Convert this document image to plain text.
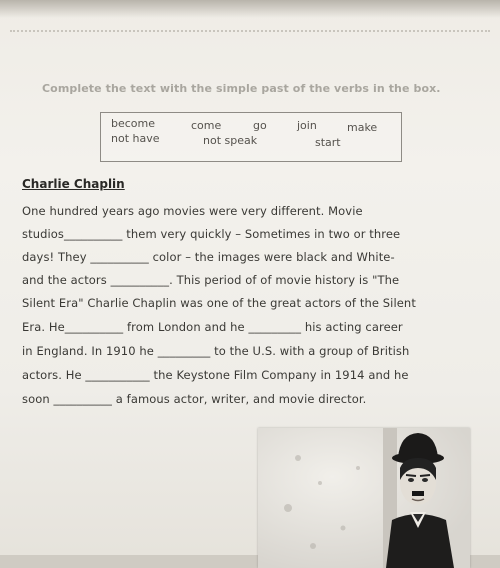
Complete the text with the simple past of the verbs in the box.
become	come	go	join	make
not have	not speak	start
Charlie Chaplin
One hundred years ago movies were very different. Movie
studios__________ them very quickly – Sometimes in two or three
days! They __________ color – the images were black and White-
and the actors __________. This period of of movie history is "The
Silent Era" Charlie Chaplin was one of the great actors of the Silent
Era. He__________ from London and he _________ his acting career
in England. In 1910 he _________ to the U.S. with a group of British
actors. He ___________ the Keystone Film Company in 1914 and he
soon __________ a famous actor, writer, and movie director.
